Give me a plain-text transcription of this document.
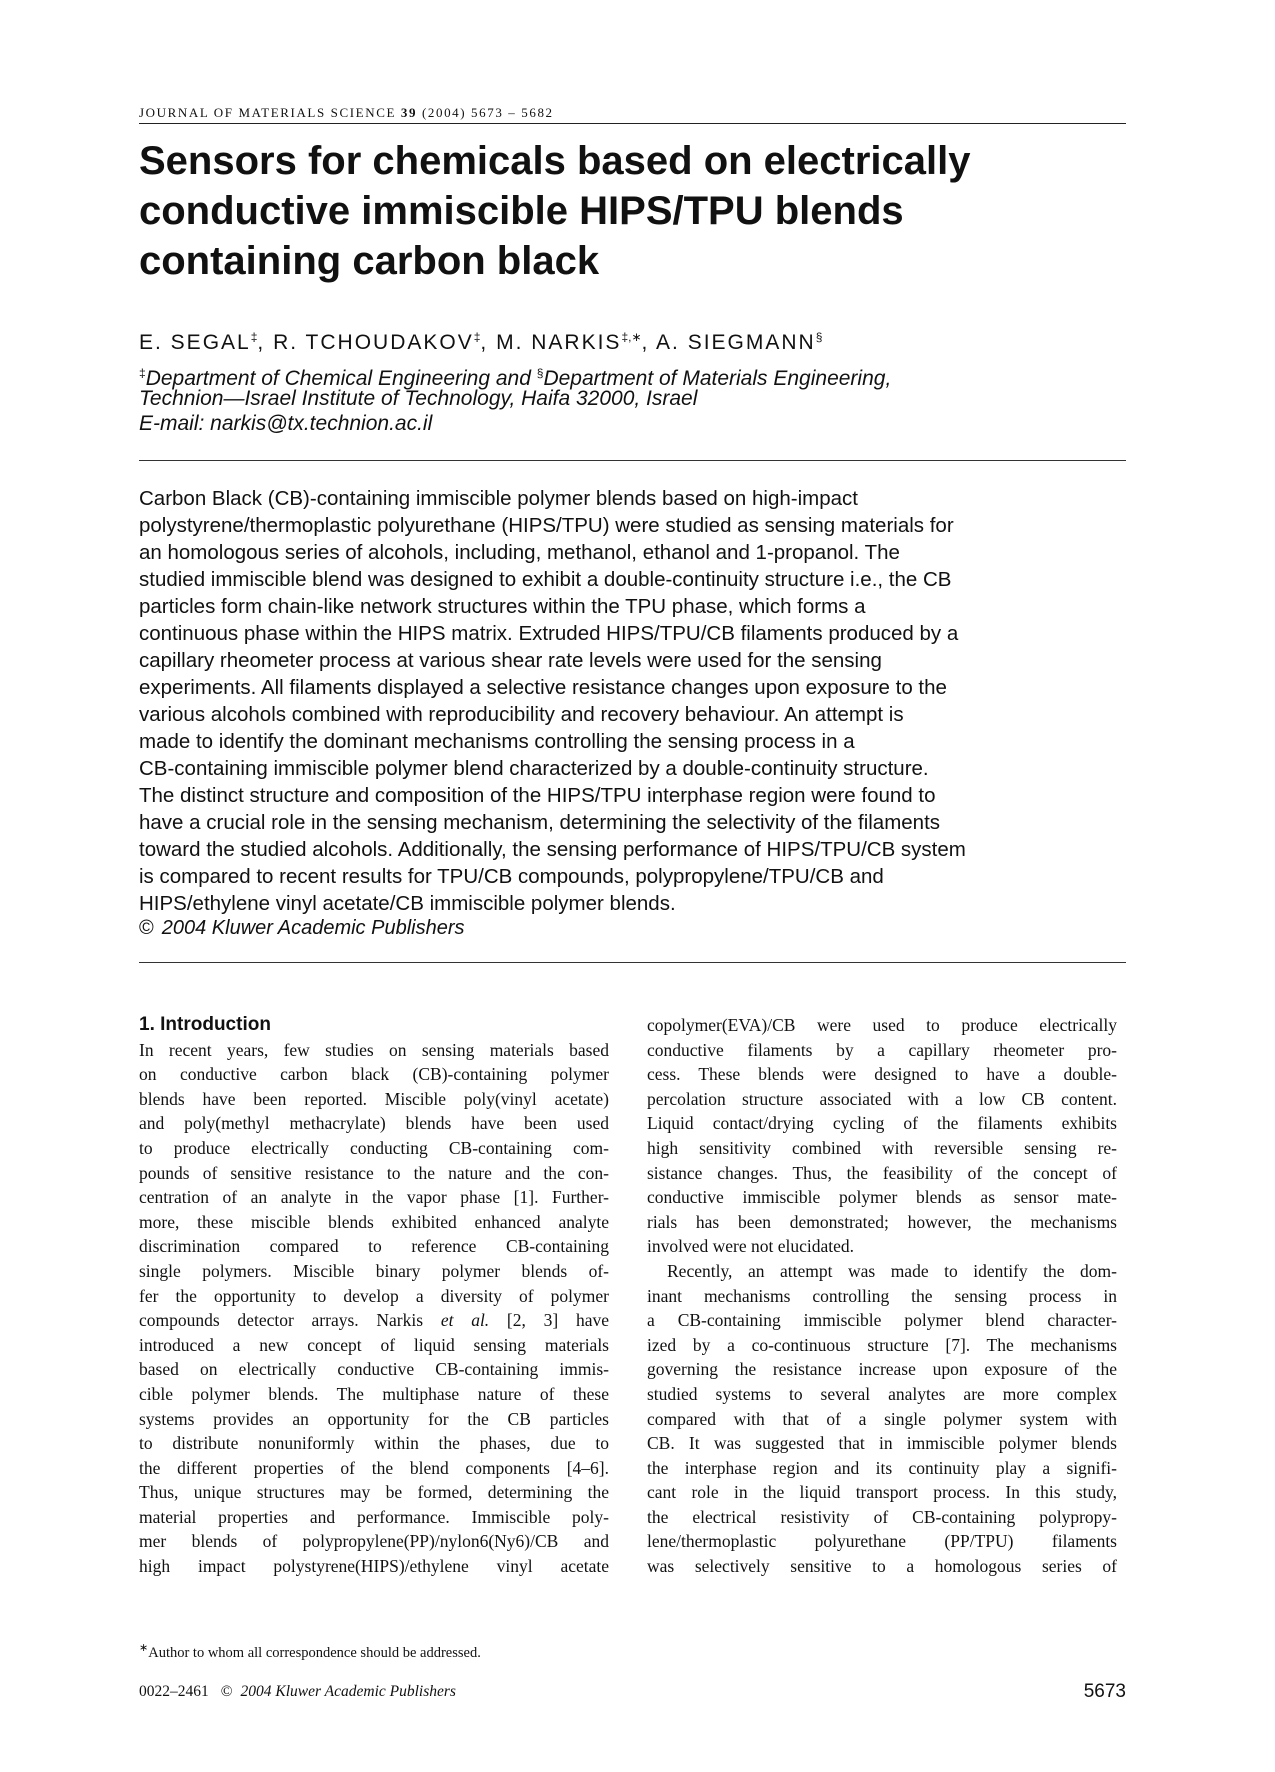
JOURNAL OF MATERIALS SCIENCE 39 (2004) 5673 – 5682
Sensors for chemicals based on electrically
conductive immiscible HIPS/TPU blends
containing carbon black
E. SEGAL‡, R. TCHOUDAKOV‡, M. NARKIS‡,∗, A. SIEGMANN§
‡Department of Chemical Engineering and §Department of Materials Engineering,
Technion—Israel Institute of Technology, Haifa 32000, Israel
E-mail: narkis@tx.technion.ac.il
Carbon Black (CB)-containing immiscible polymer blends based on high-impact
polystyrene/thermoplastic polyurethane (HIPS/TPU) were studied as sensing materials for
an homologous series of alcohols, including, methanol, ethanol and 1-propanol. The
studied immiscible blend was designed to exhibit a double-continuity structure i.e., the CB
particles form chain-like network structures within the TPU phase, which forms a
continuous phase within the HIPS matrix. Extruded HIPS/TPU/CB filaments produced by a
capillary rheometer process at various shear rate levels were used for the sensing
experiments. All filaments displayed a selective resistance changes upon exposure to the
various alcohols combined with reproducibility and recovery behaviour. An attempt is
made to identify the dominant mechanisms controlling the sensing process in a
CB-containing immiscible polymer blend characterized by a double-continuity structure.
The distinct structure and composition of the HIPS/TPU interphase region were found to
have a crucial role in the sensing mechanism, determining the selectivity of the filaments
toward the studied alcohols. Additionally, the sensing performance of HIPS/TPU/CB system
is compared to recent results for TPU/CB compounds, polypropylene/TPU/CB and
HIPS/ethylene vinyl acetate/CB immiscible polymer blends.
© 2004 Kluwer Academic Publishers
1. Introduction
In recent years, few studies on sensing materials based
on conductive carbon black (CB)-containing polymer
blends have been reported. Miscible poly(vinyl acetate)
and poly(methyl methacrylate) blends have been used
to produce electrically conducting CB-containing com-
pounds of sensitive resistance to the nature and the con-
centration of an analyte in the vapor phase [1]. Further-
more, these miscible blends exhibited enhanced analyte
discrimination compared to reference CB-containing
single polymers. Miscible binary polymer blends of-
fer the opportunity to develop a diversity of polymer
compounds detector arrays. Narkis et al. [2, 3] have
introduced a new concept of liquid sensing materials
based on electrically conductive CB-containing immis-
cible polymer blends. The multiphase nature of these
systems provides an opportunity for the CB particles
to distribute nonuniformly within the phases, due to
the different properties of the blend components [4–6].
Thus, unique structures may be formed, determining the
material properties and performance. Immiscible poly-
mer blends of polypropylene(PP)/nylon6(Ny6)/CB and
high impact polystyrene(HIPS)/ethylene vinyl acetate
copolymer(EVA)/CB were used to produce electrically
conductive filaments by a capillary rheometer pro-
cess. These blends were designed to have a double-
percolation structure associated with a low CB content.
Liquid contact/drying cycling of the filaments exhibits
high sensitivity combined with reversible sensing re-
sistance changes. Thus, the feasibility of the concept of
conductive immiscible polymer blends as sensor mate-
rials has been demonstrated; however, the mechanisms
involved were not elucidated.
Recently, an attempt was made to identify the dom-
inant mechanisms controlling the sensing process in
a CB-containing immiscible polymer blend character-
ized by a co-continuous structure [7]. The mechanisms
governing the resistance increase upon exposure of the
studied systems to several analytes are more complex
compared with that of a single polymer system with
CB. It was suggested that in immiscible polymer blends
the interphase region and its continuity play a signifi-
cant role in the liquid transport process. In this study,
the electrical resistivity of CB-containing polypropy-
lene/thermoplastic polyurethane (PP/TPU) filaments
was selectively sensitive to a homologous series of
∗Author to whom all correspondence should be addressed.
0022–2461 © 2004 Kluwer Academic Publishers	5673
